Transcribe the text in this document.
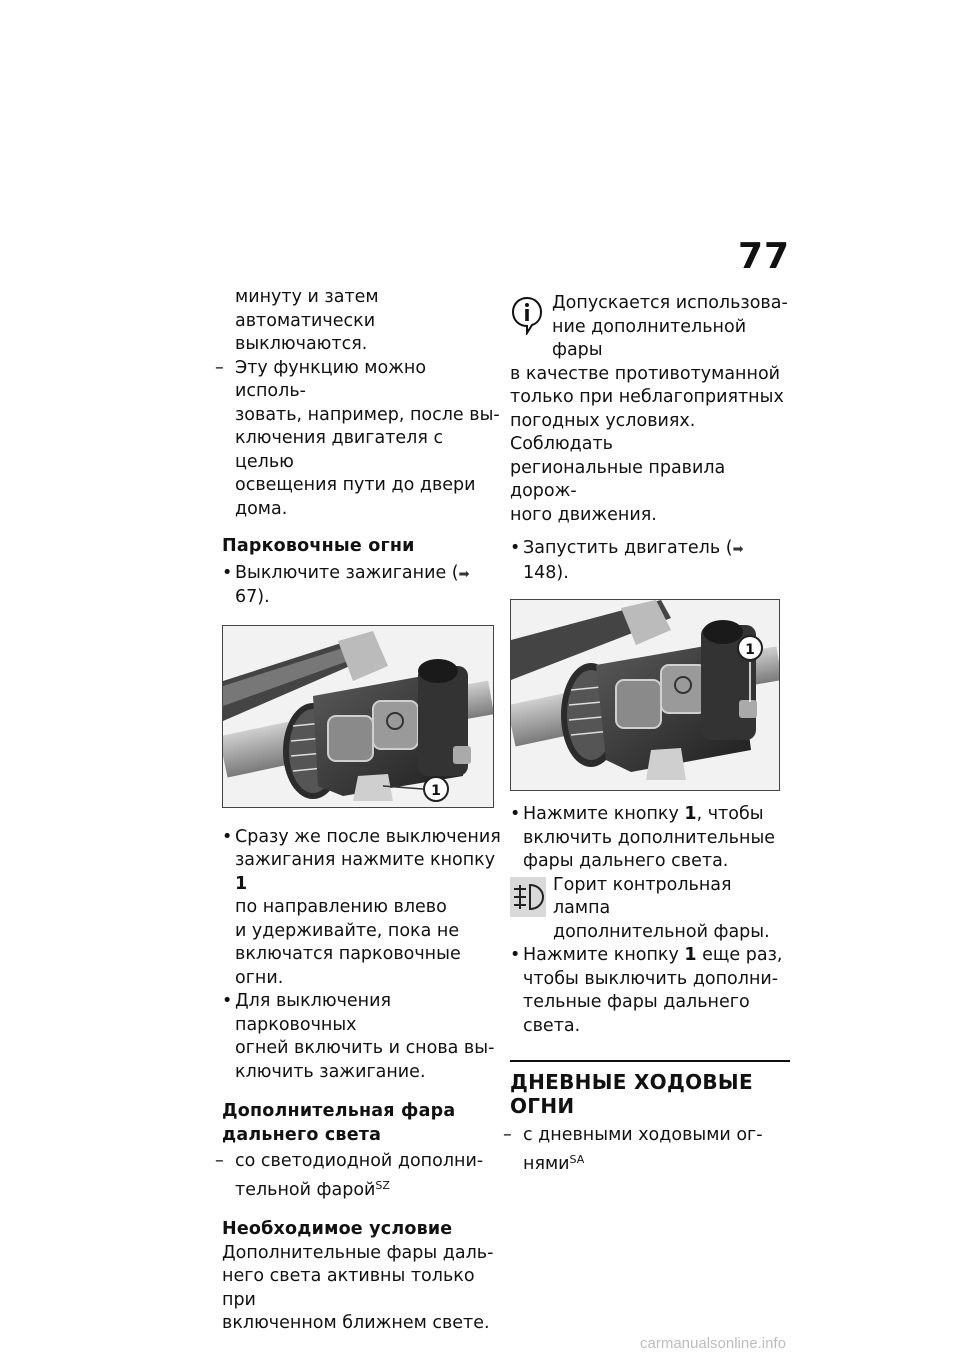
77

минуту и затем автоматически
выключаются.

– Эту функцию можно исполь-
зовать, например, после вы-
ключения двигателя с целью
освещения пути до двери
дома.
Парковочные огни
• Выключите зажигание (➡ 67).
1
• Сразу же после выключения
зажигания нажмите кнопку 1
по направлению влево
и удерживайте, пока не
включатся парковочные огни.
• Для выключения парковочных
огней включить и снова вы-
ключить зажигание.
Дополнительная фара
дальнего света
– со светодиодной дополни-
тельной фарой$^{SZ}$
Необходимое условие

Дополнительные фары даль-
него света активны только при
включенном ближнем свете.

Допускается использова-
ние дополнительной фары

в качестве противотуманной
только при неблагоприятных
погодных условиях. Соблюдать
региональные правила дорож-
ного движения.

• Запустить двигатель (➡ 148).
1
• Нажмите кнопку 1, чтобы
включить дополнительные
фары дальнего света.
Горит контрольная лампа
дополнительной фары.
• Нажмите кнопку 1 еще раз,
чтобы выключить дополни-
тельные фары дальнего света.
ДНЕВНЫЕ ХОДОВЫЕ
ОГНИ
– с дневными ходовыми ог-
нями$^{SA}$
carmanualsonline.info
